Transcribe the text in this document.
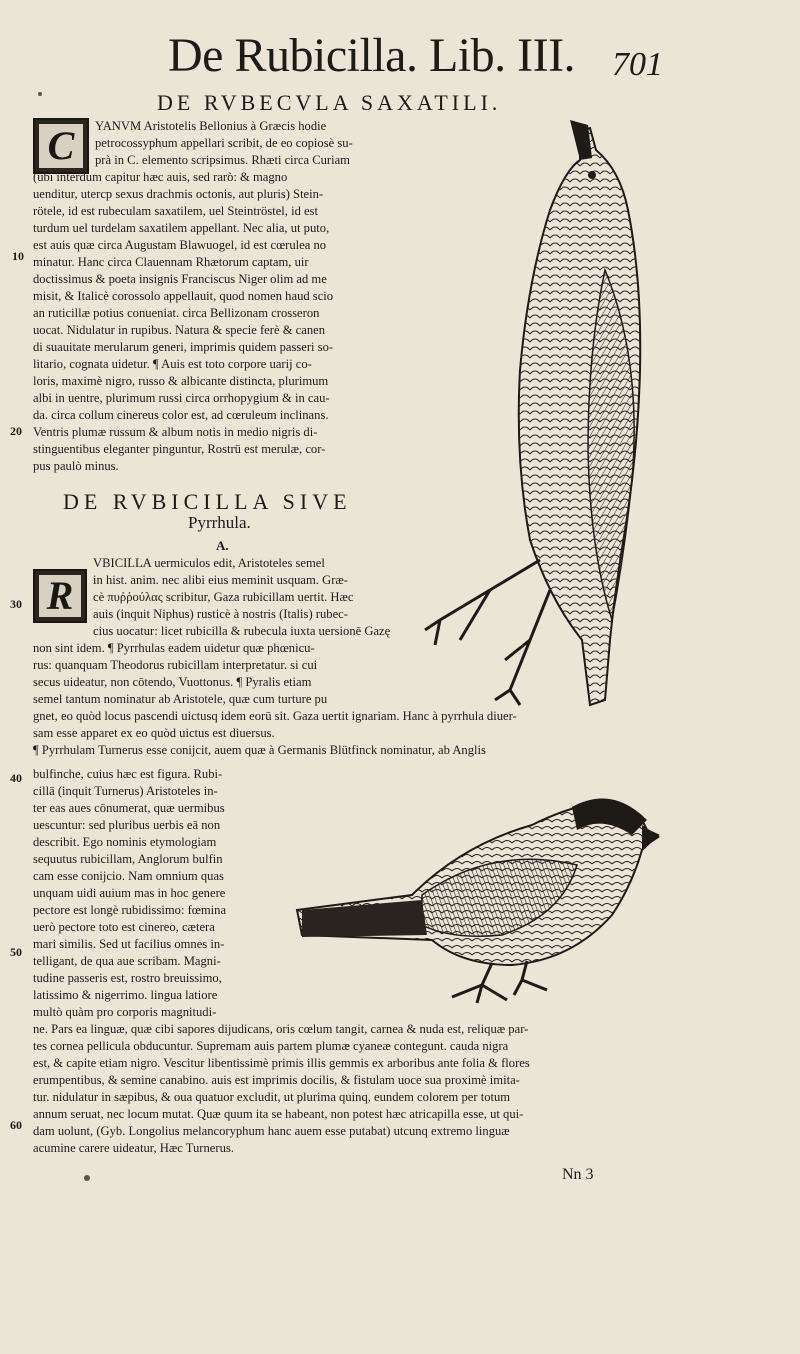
De Rubicilla. Lib. III. 701
DE RVBECVLA SAXATILI.
C	YANVM Aristotelis Bellonius à Græcis hodie
petrocossyphum appellari scribit, de eo copiosè su-
prà in C. elemento scripsimus. Rhæti circa Curiam
(ubi interdum capitur hæc auis, sed rarò: & magno
uenditur, utercp sexus drachmis octonis, aut pluris) Stein-
rötele, id est rubeculam saxatilem, uel Steintröstel, id est
turdum uel turdelam saxatilem appellant. Nec alia, ut puto,
est auis quæ circa Augustam Blawuogel, id est cœrulea no
minatur. Hanc circa Clauennam Rhætorum captam, uir
doctissimus & poeta insignis Franciscus Niger olim ad me
misit, & Italicè corossolo appellauit, quod nomen haud scio
an ruticillæ potius conueniat. circa Bellizonam crosseron
uocat. Nidulatur in rupibus. Natura & specie ferè & canen
di suauitate merularum generi, imprimis quidem passeri so-
litario, cognata uidetur. ¶ Auis est toto corpore uarij co-
loris, maximè nigro, russo & albicante distincta, plurimum
albi in uentre, plurimum russi circa orrhopygium & in cau-
da. circa collum cinereus color est, ad cœruleum inclinans.
Ventris plumæ russum & album notis in medio nigris di-
stinguentibus eleganter pinguntur, Rostrū est merulæ, cor-
pus paulò minus.
DE RVBICILLA SIVE
Pyrrhula.
A.
R
VBICILLA uermiculos edit, Aristoteles semel
in hist. anim. nec alibi eius meminit usquam. Græ-
cè πυῤῥούλας scribitur, Gaza rubicillam uertit. Hæc
auis (inquit Niphus) rusticè à nostris (Italis) rubec-
cius uocatur: licet rubicilla & rubecula iuxta uersionē Gazę
non sint idem. ¶ Pyrrhulas eadem uidetur quæ phœnicu-
rus: quanquam Theodorus rubicillam interpretatur. si cui
secus uideatur, non cōtendo, Vuottonus. ¶ Pyralis etiam
semel tantum nominatur ab Aristotele, quæ cum turture pu
gnet, eo quòd locus pascendi uictusq idem eorū sit. Gaza uertit ignariam. Hanc à pyrrhula diuer-
sam esse apparet ex eo quòd uictus est diuersus.
¶ Pyrrhulam Turnerus esse conijcit, auem quæ à Germanis Blütfinck nominatur, ab Anglis
bulfinche, cuius hæc est figura. Rubi-
cillā (inquit Turnerus) Aristoteles in-
ter eas aues cōnumerat, quæ uermibus
uescuntur: sed pluribus uerbis eā non
describit. Ego nominis etymologiam
sequutus rubicillam, Anglorum bulfin
cam esse conijcio. Nam omnium quas
unquam uidi auium mas in hoc genere
pectore est longè rubidissimo: fœmina
uerò pectore toto est cinereo, cætera
mari similis. Sed ut facilius omnes in-
telligant, de qua aue scribam. Magni-
tudine passeris est, rostro breuissimo,
latissimo & nigerrimo. lingua latiore
multò quàm pro corporis magnitudi-
ne. Pars ea linguæ, quæ cibi sapores dijudicans, oris cœlum tangit, carnea & nuda est, reliquæ par-
tes cornea pellicula obducuntur. Supremam auis partem plumæ cyaneæ contegunt. cauda nigra
est, & capite etiam nigro. Vescitur libentissimè primis illis gemmis ex arboribus ante folia & flores
erumpentibus, & semine canabino. auis est imprimis docilis, & fistulam uoce sua proximè imita-
tur. nidulatur in sæpibus, & oua quatuor excludit, ut plurima quinq, eundem colorem per totum
annum seruat, nec locum mutat. Quæ quum ita se habeant, non potest hæc atricapilla esse, ut qui-
dam uolunt, (Gyb. Longolius melancoryphum hanc auem esse putabat) utcunq extremo linguæ
acumine carere uideatur, Hæc Turnerus.
10
20
30
40
50
60
Nn 3
